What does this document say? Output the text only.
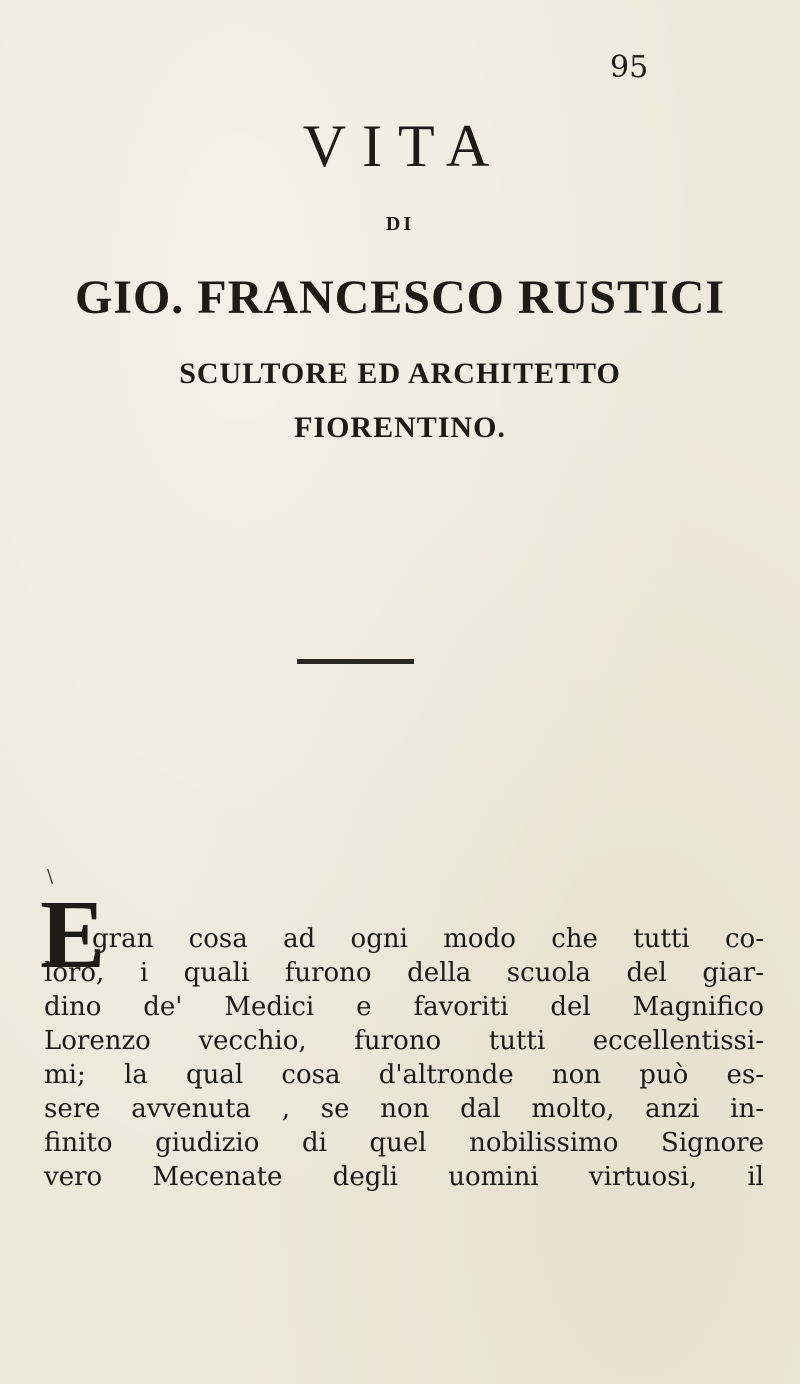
95
VITA
DI
GIO. FRANCESCO RUSTICI
SCULTORE ED ARCHITETTO
FIORENTINO.
\
E
gran cosa ad ogni modo che tutti co-
loro, i quali furono della scuola del giar-
dino de' Medici e favoriti del Magnifico
Lorenzo vecchio, furono tutti eccellentissi-
mi; la qual cosa d'altronde non può es-
sere avvenuta , se non dal molto, anzi in-
finito giudizio di quel nobilissimo Signore
vero Mecenate degli uomini virtuosi, il
